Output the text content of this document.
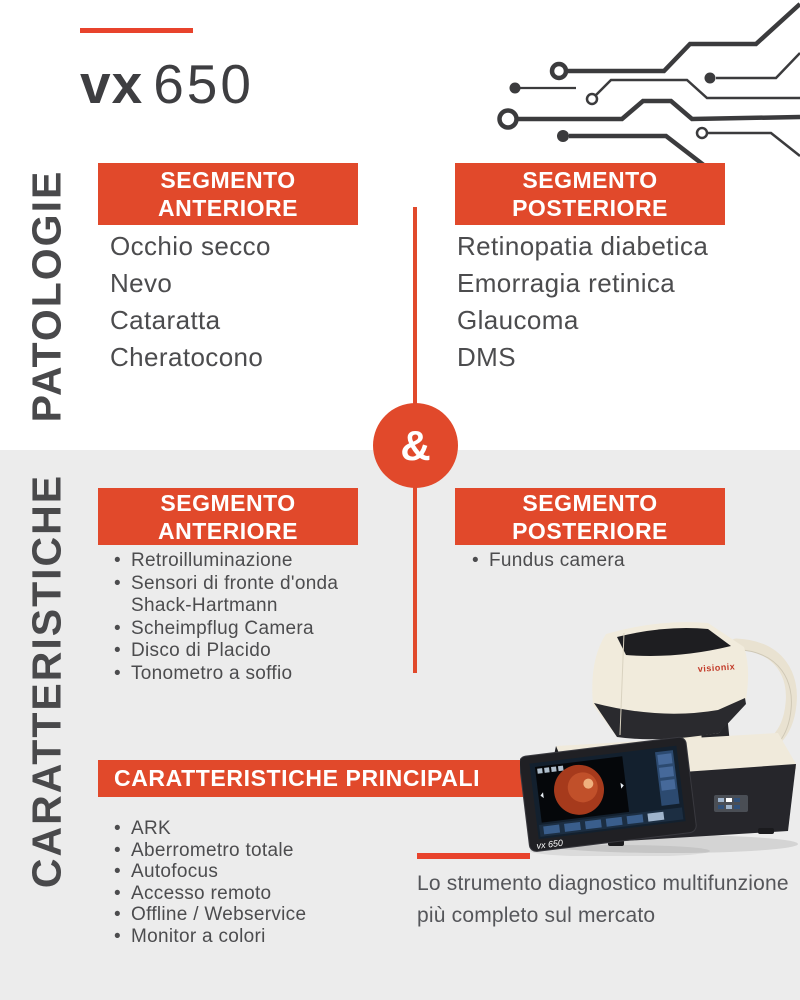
vx 650
PATOLOGIE
CARATTERISTICHE
SEGMENTO
ANTERIORE
SEGMENTO
POSTERIORE
Occhio secco
Nevo
Cataratta
Cheratocono
Retinopatia diabetica
Emorragia retinica
Glaucoma
DMS
&
SEGMENTO
ANTERIORE
SEGMENTO
POSTERIORE
• Retroilluminazione
• Sensori di fronte d'onda Shack-Hartmann
• Scheimpflug Camera
• Disco di Placido
• Tonometro a soffio
• Fundus camera
CARATTERISTICHE PRINCIPALI
• ARK
• Aberrometro totale
• Autofocus
• Accesso remoto
• Offline / Webservice
• Monitor a colori
visionix
vx 650

Lo strumento diagnostico multifunzione più completo sul mercato
